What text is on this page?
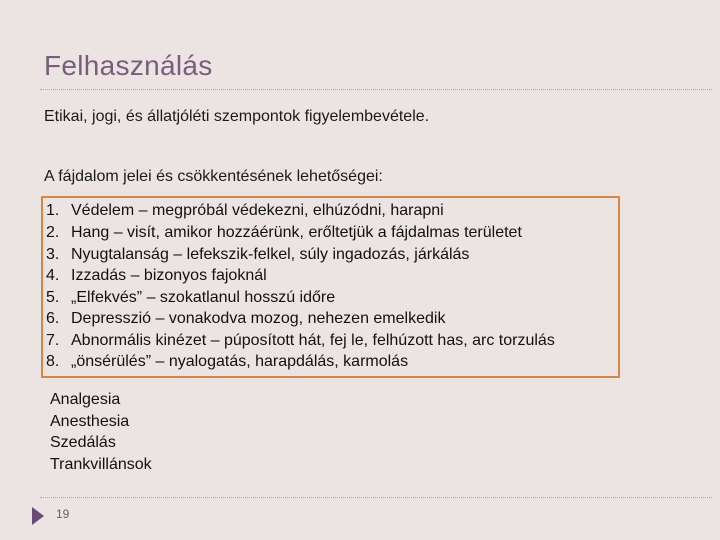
Felhasználás
Etikai, jogi, és állatjóléti szempontok figyelembevétele.
A fájdalom jelei és csökkentésének lehetőségei:
1. Védelem – megpróbál védekezni, elhúzódni, harapni
2. Hang – visít, amikor hozzáérünk, erőltetjük a fájdalmas területet
3. Nyugtalanság – lefekszik-felkel, súly ingadozás, járkálás
4. Izzadás – bizonyos fajoknál
5. „Elfekvés” – szokatlanul hosszú időre
6. Depresszió – vonakodva mozog, nehezen emelkedik
7. Abnormális kinézet – púposított hát, fej le, felhúzott has, arc torzulás
8. „önsérülés” – nyalogatás, harapdálás, karmolás
Analgesia
Anesthesia
Szedálás
Trankvillánsok
19
